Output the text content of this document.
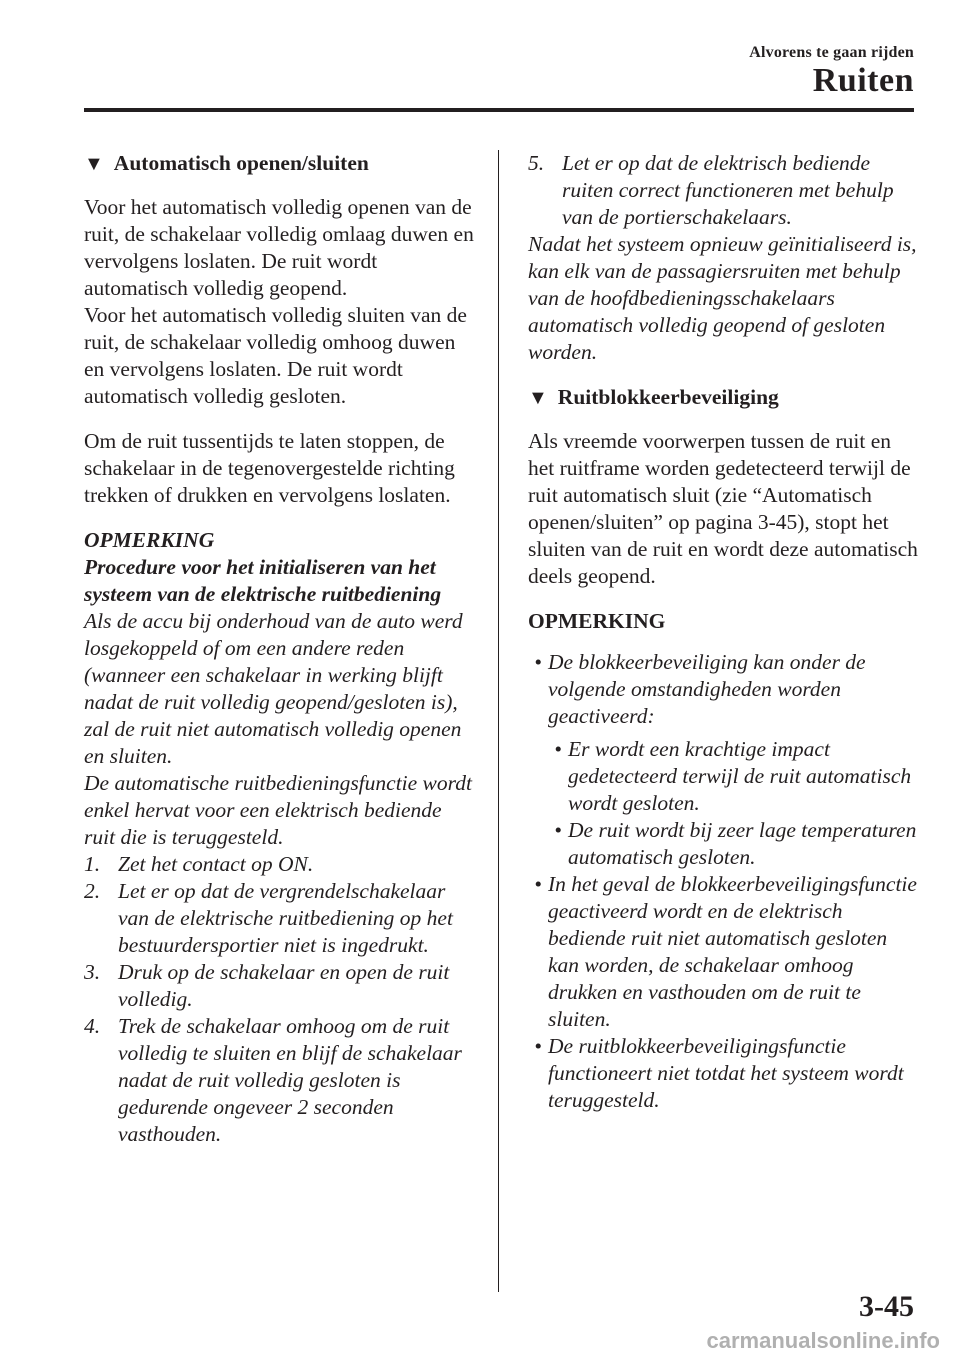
Alvorens te gaan rijden
Ruiten
▼ Automatisch openen/sluiten

Voor het automatisch volledig openen van de ruit, de schakelaar volledig omlaag duwen en vervolgens loslaten. De ruit wordt automatisch volledig geopend.

Voor het automatisch volledig sluiten van de ruit, de schakelaar volledig omhoog duwen en vervolgens loslaten. De ruit wordt automatisch volledig gesloten.

Om de ruit tussentijds te laten stoppen, de schakelaar in de tegenovergestelde richting trekken of drukken en vervolgens loslaten.

OPMERKING

Procedure voor het initialiseren van het systeem van de elektrische ruitbediening

Als de accu bij onderhoud van de auto werd losgekoppeld of om een andere reden (wanneer een schakelaar in werking blijft nadat de ruit volledig geopend/gesloten is), zal de ruit niet automatisch volledig openen en sluiten.

De automatische ruitbedieningsfunctie wordt enkel hervat voor een elektrisch bediende ruit die is teruggesteld.

1. Zet het contact op ON.
2. Let er op dat de vergrendelschakelaar van de elektrische ruitbediening op het bestuurdersportier niet is ingedrukt.
3. Druk op de schakelaar en open de ruit volledig.
4. Trek de schakelaar omhoog om de ruit volledig te sluiten en blijf de schakelaar nadat de ruit volledig gesloten is gedurende ongeveer 2 seconden vasthouden.
5. Let er op dat de elektrisch bediende ruiten correct functioneren met behulp van de portierschakelaars.

Nadat het systeem opnieuw geïnitialiseerd is, kan elk van de passagiersruiten met behulp van de hoofdbedieningsschakelaars automatisch volledig geopend of gesloten worden.

▼ Ruitblokkeerbeveiliging

Als vreemde voorwerpen tussen de ruit en het ruitframe worden gedetecteerd terwijl de ruit automatisch sluit (zie “Automatisch openen/sluiten” op pagina 3-45), stopt het sluiten van de ruit en wordt deze automatisch deels geopend.

OPMERKING

• De blokkeerbeveiliging kan onder de volgende omstandigheden worden geactiveerd:
• Er wordt een krachtige impact gedetecteerd terwijl de ruit automatisch wordt gesloten.
• De ruit wordt bij zeer lage temperaturen automatisch gesloten.
• In het geval de blokkeerbeveiligingsfunctie geactiveerd wordt en de elektrisch bediende ruit niet automatisch gesloten kan worden, de schakelaar omhoog drukken en vasthouden om de ruit te sluiten.
• De ruitblokkeerbeveiligingsfunctie functioneert niet totdat het systeem wordt teruggesteld.
3-45
carmanualsonline.info
